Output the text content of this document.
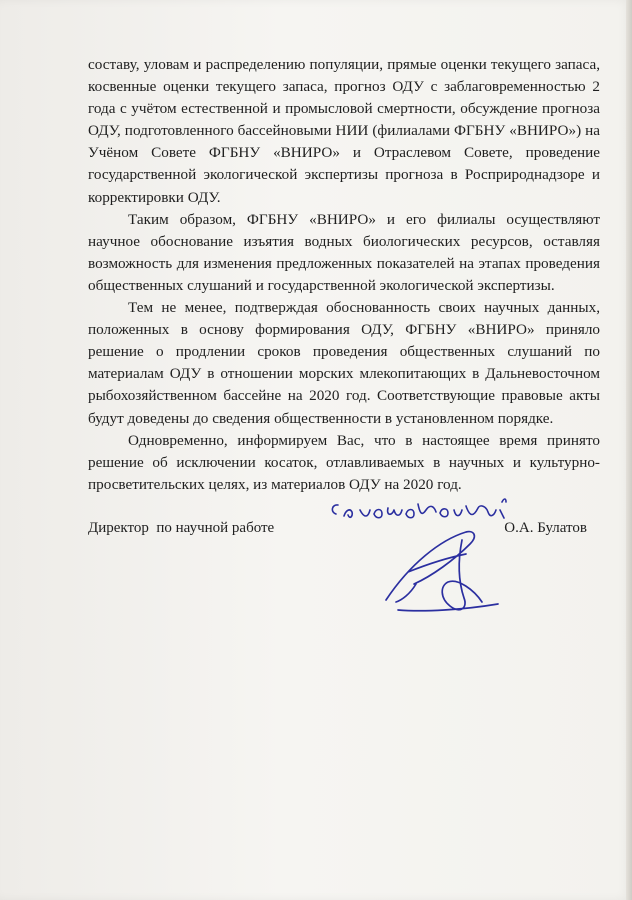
составу, уловам и распределению популяции, прямые оценки текущего запаса, косвенные оценки текущего запаса, прогноз ОДУ с заблаговременностью 2 года с учётом естественной и промысловой смертности, обсуждение прогноза ОДУ, подготовленного бассейновыми НИИ (филиалами ФГБНУ «ВНИРО») на Учёном Совете ФГБНУ «ВНИРО» и Отраслевом Совете, проведение государственной экологической экспертизы прогноза в Росприроднадзоре и корректировки ОДУ.

Таким образом, ФГБНУ «ВНИРО» и его филиалы осуществляют научное обоснование изъятия водных биологических ресурсов, оставляя возможность для изменения предложенных показателей на этапах проведения общественных слушаний и государственной экологической экспертизы.

Тем не менее, подтверждая обоснованность своих научных данных, положенных в основу формирования ОДУ, ФГБНУ «ВНИРО» приняло решение о продлении сроков проведения общественных слушаний по материалам ОДУ в отношении морских млекопитающих в Дальневосточном рыбохозяйственном бассейне на 2020 год. Соответствующие правовые акты будут доведены до сведения общественности в установленном порядке.

Одновременно, информируем Вас, что в настоящее время принято решение об исключении косаток, отлавливаемых в научных и культурно-просветительских целях, из материалов ОДУ на 2020 год.

Директор  по научной работе	О.А. Булатов
